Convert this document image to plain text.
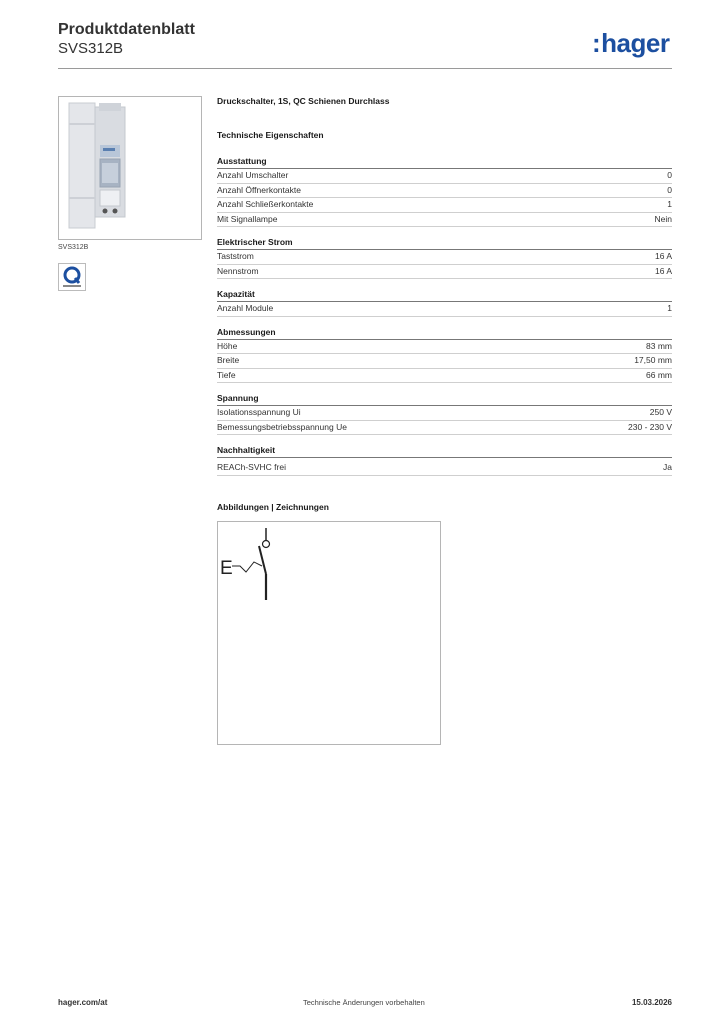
Produktdatenblatt
SVS312B	:hager
SVS312B
Druckschalter, 1S, QC Schienen Durchlass
Technische Eigenschaften
Ausstattung
Anzahl Umschalter	0
Anzahl Öffnerkontakte	0
Anzahl Schließerkontakte	1
Mit Signallampe	Nein
Elektrischer Strom
Taststrom	16 A
Nennstrom	16 A
Kapazität
Anzahl Module	1
Abmessungen
Höhe	83 mm
Breite	17,50 mm
Tiefe	66 mm
Spannung
Isolationsspannung Ui	250 V
Bemessungsbetriebsspannung Ue	230 - 230 V
Nachhaltigkeit
REACh-SVHC frei	Ja
Abbildungen | Zeichnungen
E
hager.com/at	Technische Änderungen vorbehalten	15.03.2026
